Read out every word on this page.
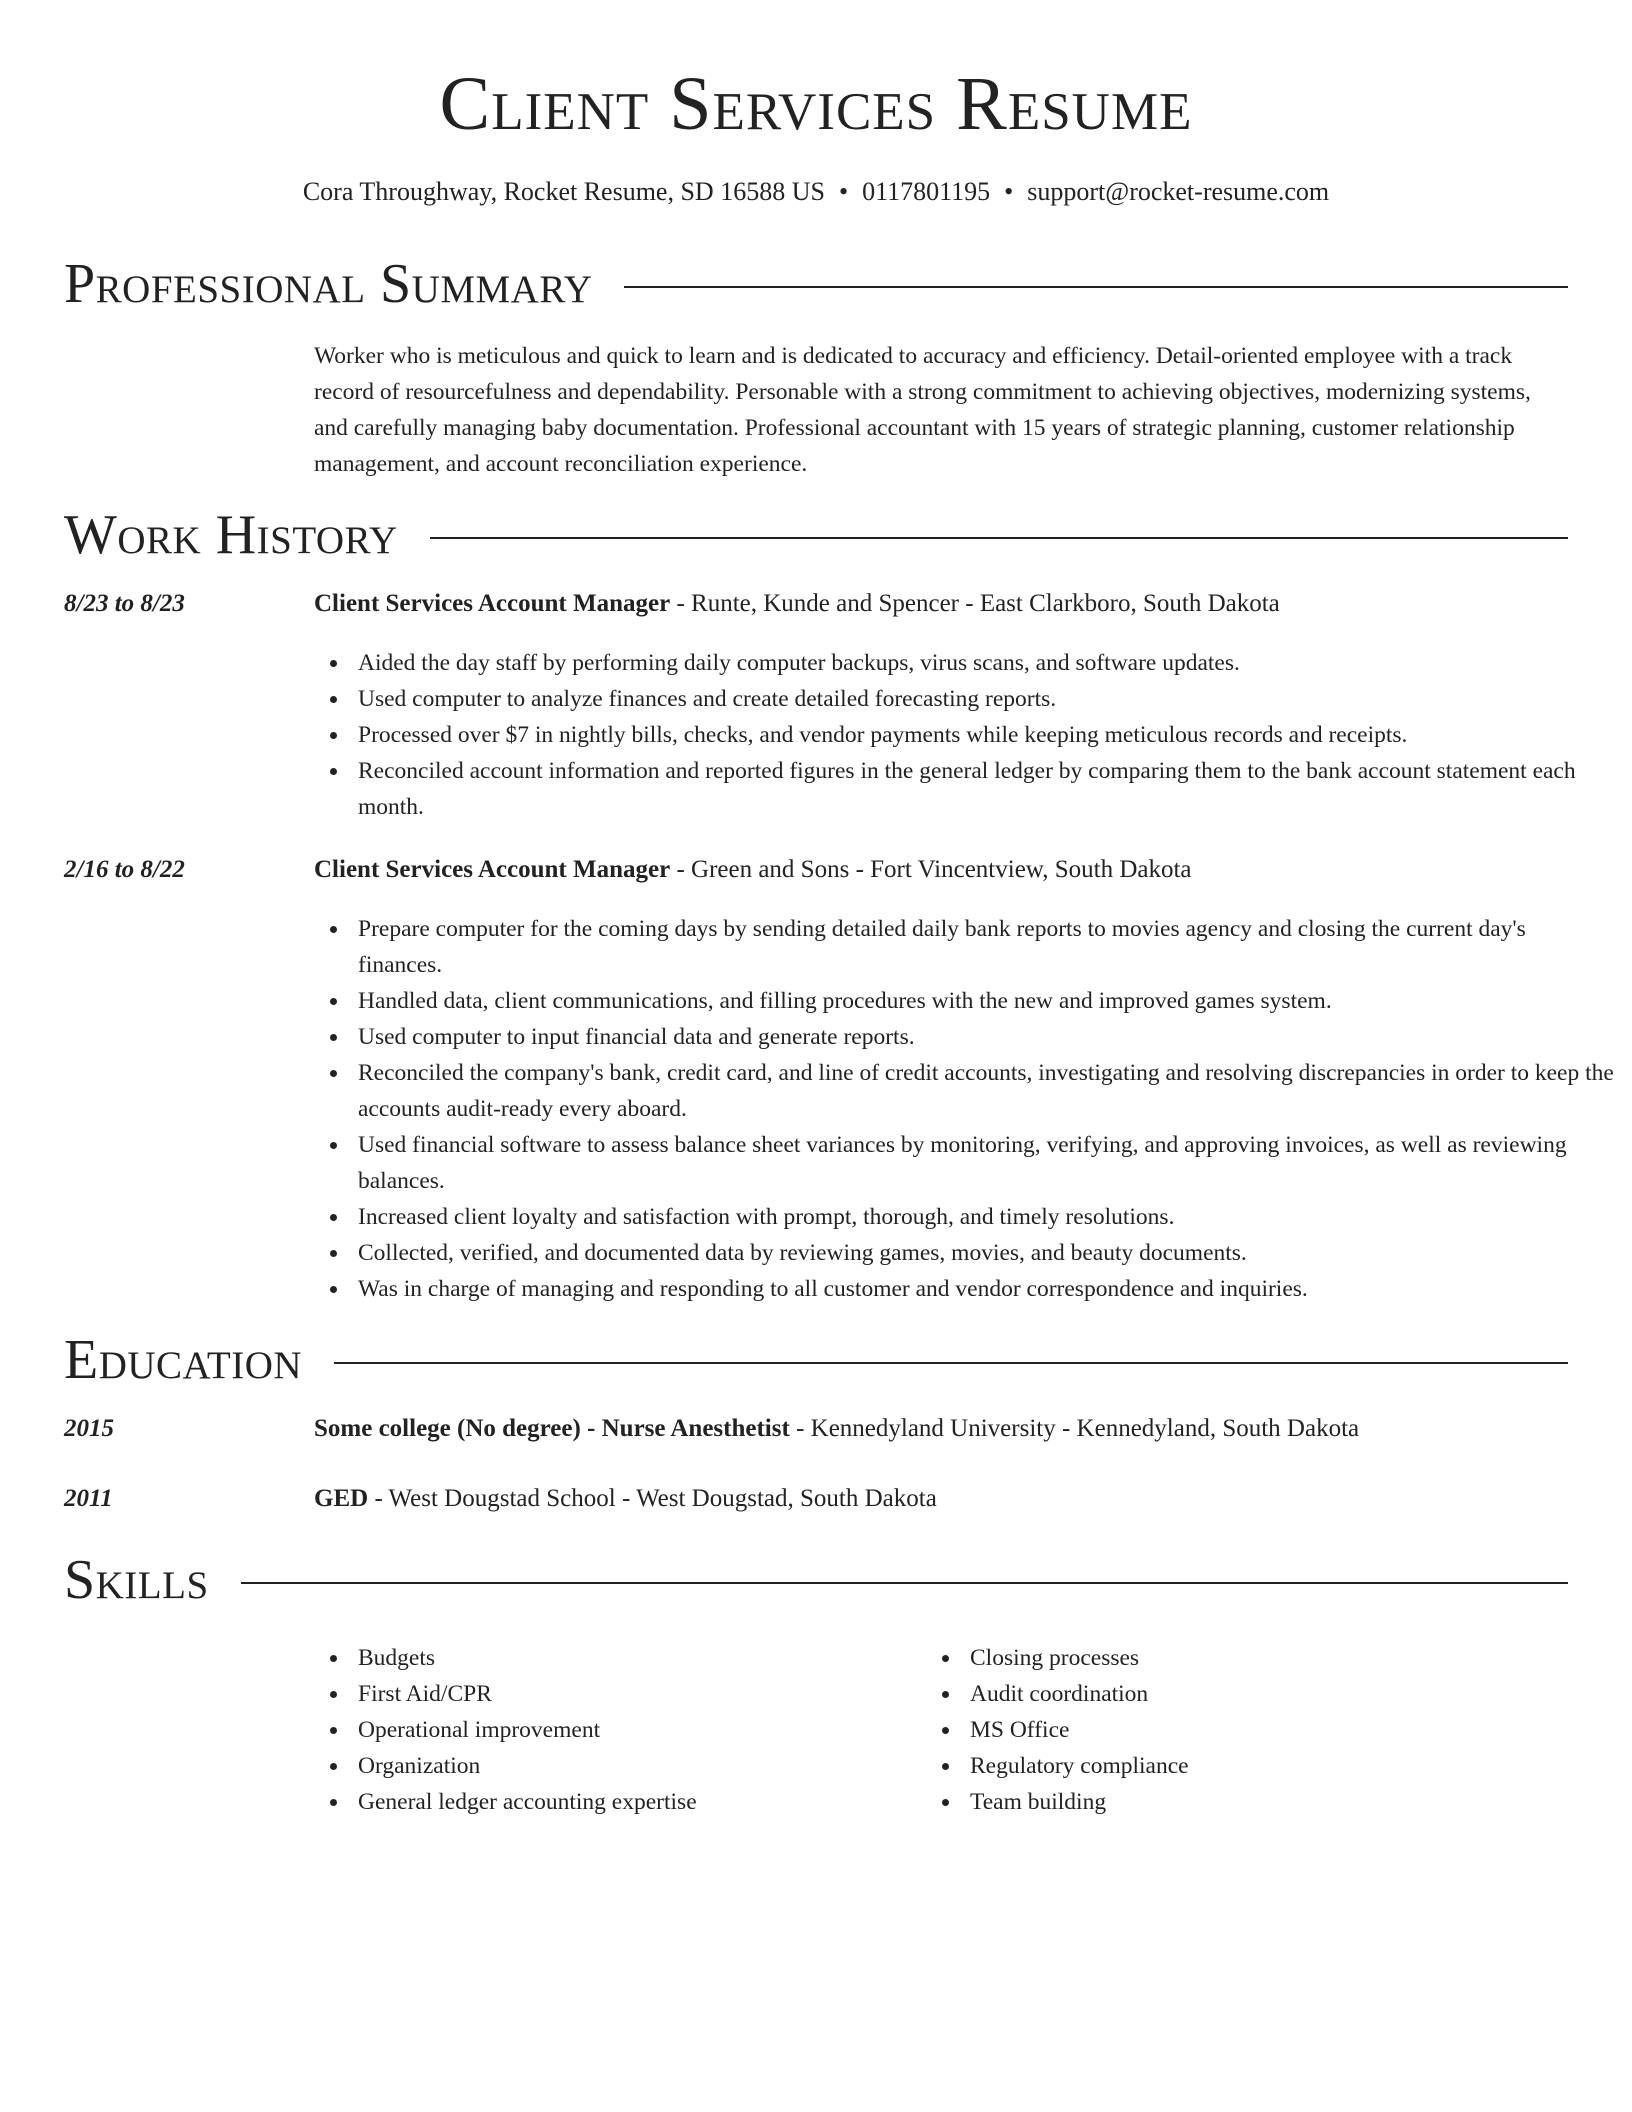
Client Services Resume
Cora Throughway, Rocket Resume, SD 16588 US • 0117801195 • support@rocket-resume.com
Professional Summary

Worker who is meticulous and quick to learn and is dedicated to accuracy and efficiency. Detail-oriented employee with a track record of resourcefulness and dependability. Personable with a strong commitment to achieving objectives, modernizing systems, and carefully managing baby documentation. Professional accountant with 15 years of strategic planning, customer relationship management, and account reconciliation experience.

Work History
8/23 to 8/23	Client Services Account Manager - Runte, Kunde and Spencer - East Clarkboro, South Dakota
Aided the day staff by performing daily computer backups, virus scans, and software updates.
Used computer to analyze finances and create detailed forecasting reports.
Processed over $7 in nightly bills, checks, and vendor payments while keeping meticulous records and receipts.
Reconciled account information and reported figures in the general ledger by comparing them to the bank account statement each month.
2/16 to 8/22	Client Services Account Manager - Green and Sons - Fort Vincentview, South Dakota
Prepare computer for the coming days by sending detailed daily bank reports to movies agency and closing the current day's finances.
Handled data, client communications, and filling procedures with the new and improved games system.
Used computer to input financial data and generate reports.
Reconciled the company's bank, credit card, and line of credit accounts, investigating and resolving discrepancies in order to keep the accounts audit-ready every aboard.
Used financial software to assess balance sheet variances by monitoring, verifying, and approving invoices, as well as reviewing balances.
Increased client loyalty and satisfaction with prompt, thorough, and timely resolutions.
Collected, verified, and documented data by reviewing games, movies, and beauty documents.
Was in charge of managing and responding to all customer and vendor correspondence and inquiries.
Education
2015	Some college (No degree) - Nurse Anesthetist - Kennedyland University - Kennedyland, South Dakota
2011	GED - West Dougstad School - West Dougstad, South Dakota
Skills
Budgets
First Aid/CPR
Operational improvement
Organization
General ledger accounting expertise
Closing processes
Audit coordination
MS Office
Regulatory compliance
Team building
